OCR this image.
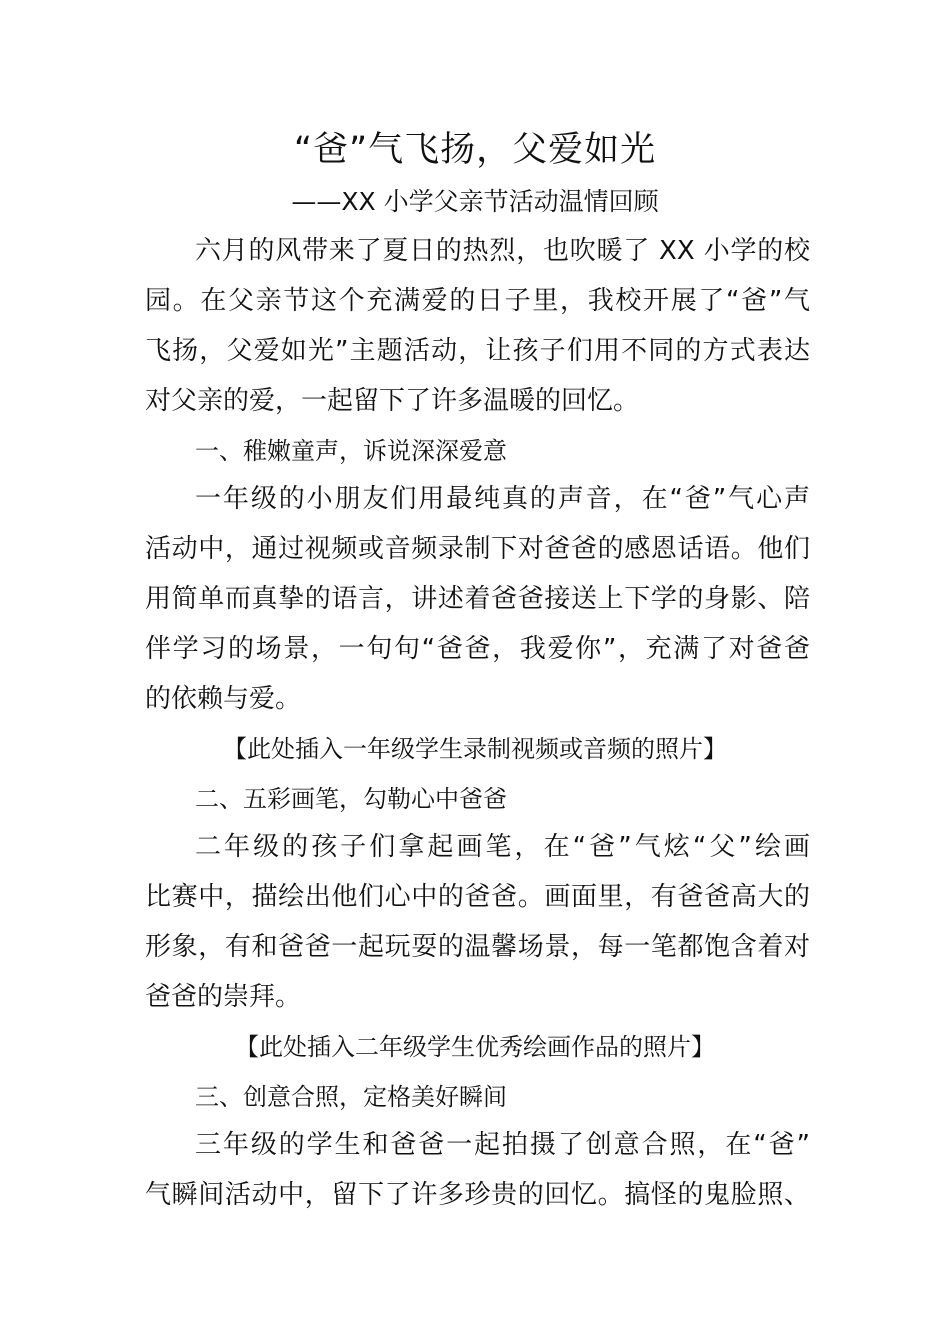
“爸”气飞扬，父爱如光
——XX 小学父亲节活动温情回顾
六月的风带来了夏日的热烈，也吹暖了 XX 小学的校
园。在父亲节这个充满爱的日子里，我校开展了“爸”气
飞扬，父爱如光”主题活动，让孩子们用不同的方式表达
对父亲的爱，一起留下了许多温暖的回忆。
一、稚嫩童声，诉说深深爱意
一年级的小朋友们用最纯真的声音，在“爸”气心声
活动中，通过视频或音频录制下对爸爸的感恩话语。他们
用简单而真挚的语言，讲述着爸爸接送上下学的身影、陪
伴学习的场景，一句句“爸爸，我爱你”，充满了对爸爸
的依赖与爱。
【此处插入一年级学生录制视频或音频的照片】
二、五彩画笔，勾勒心中爸爸
二年级的孩子们拿起画笔，在“爸”气炫“父”绘画
比赛中，描绘出他们心中的爸爸。画面里，有爸爸高大的
形象，有和爸爸一起玩耍的温馨场景，每一笔都饱含着对
爸爸的崇拜。
【此处插入二年级学生优秀绘画作品的照片】
三、创意合照，定格美好瞬间
三年级的学生和爸爸一起拍摄了创意合照，在“爸”
气瞬间活动中，留下了许多珍贵的回忆。搞怪的鬼脸照、
